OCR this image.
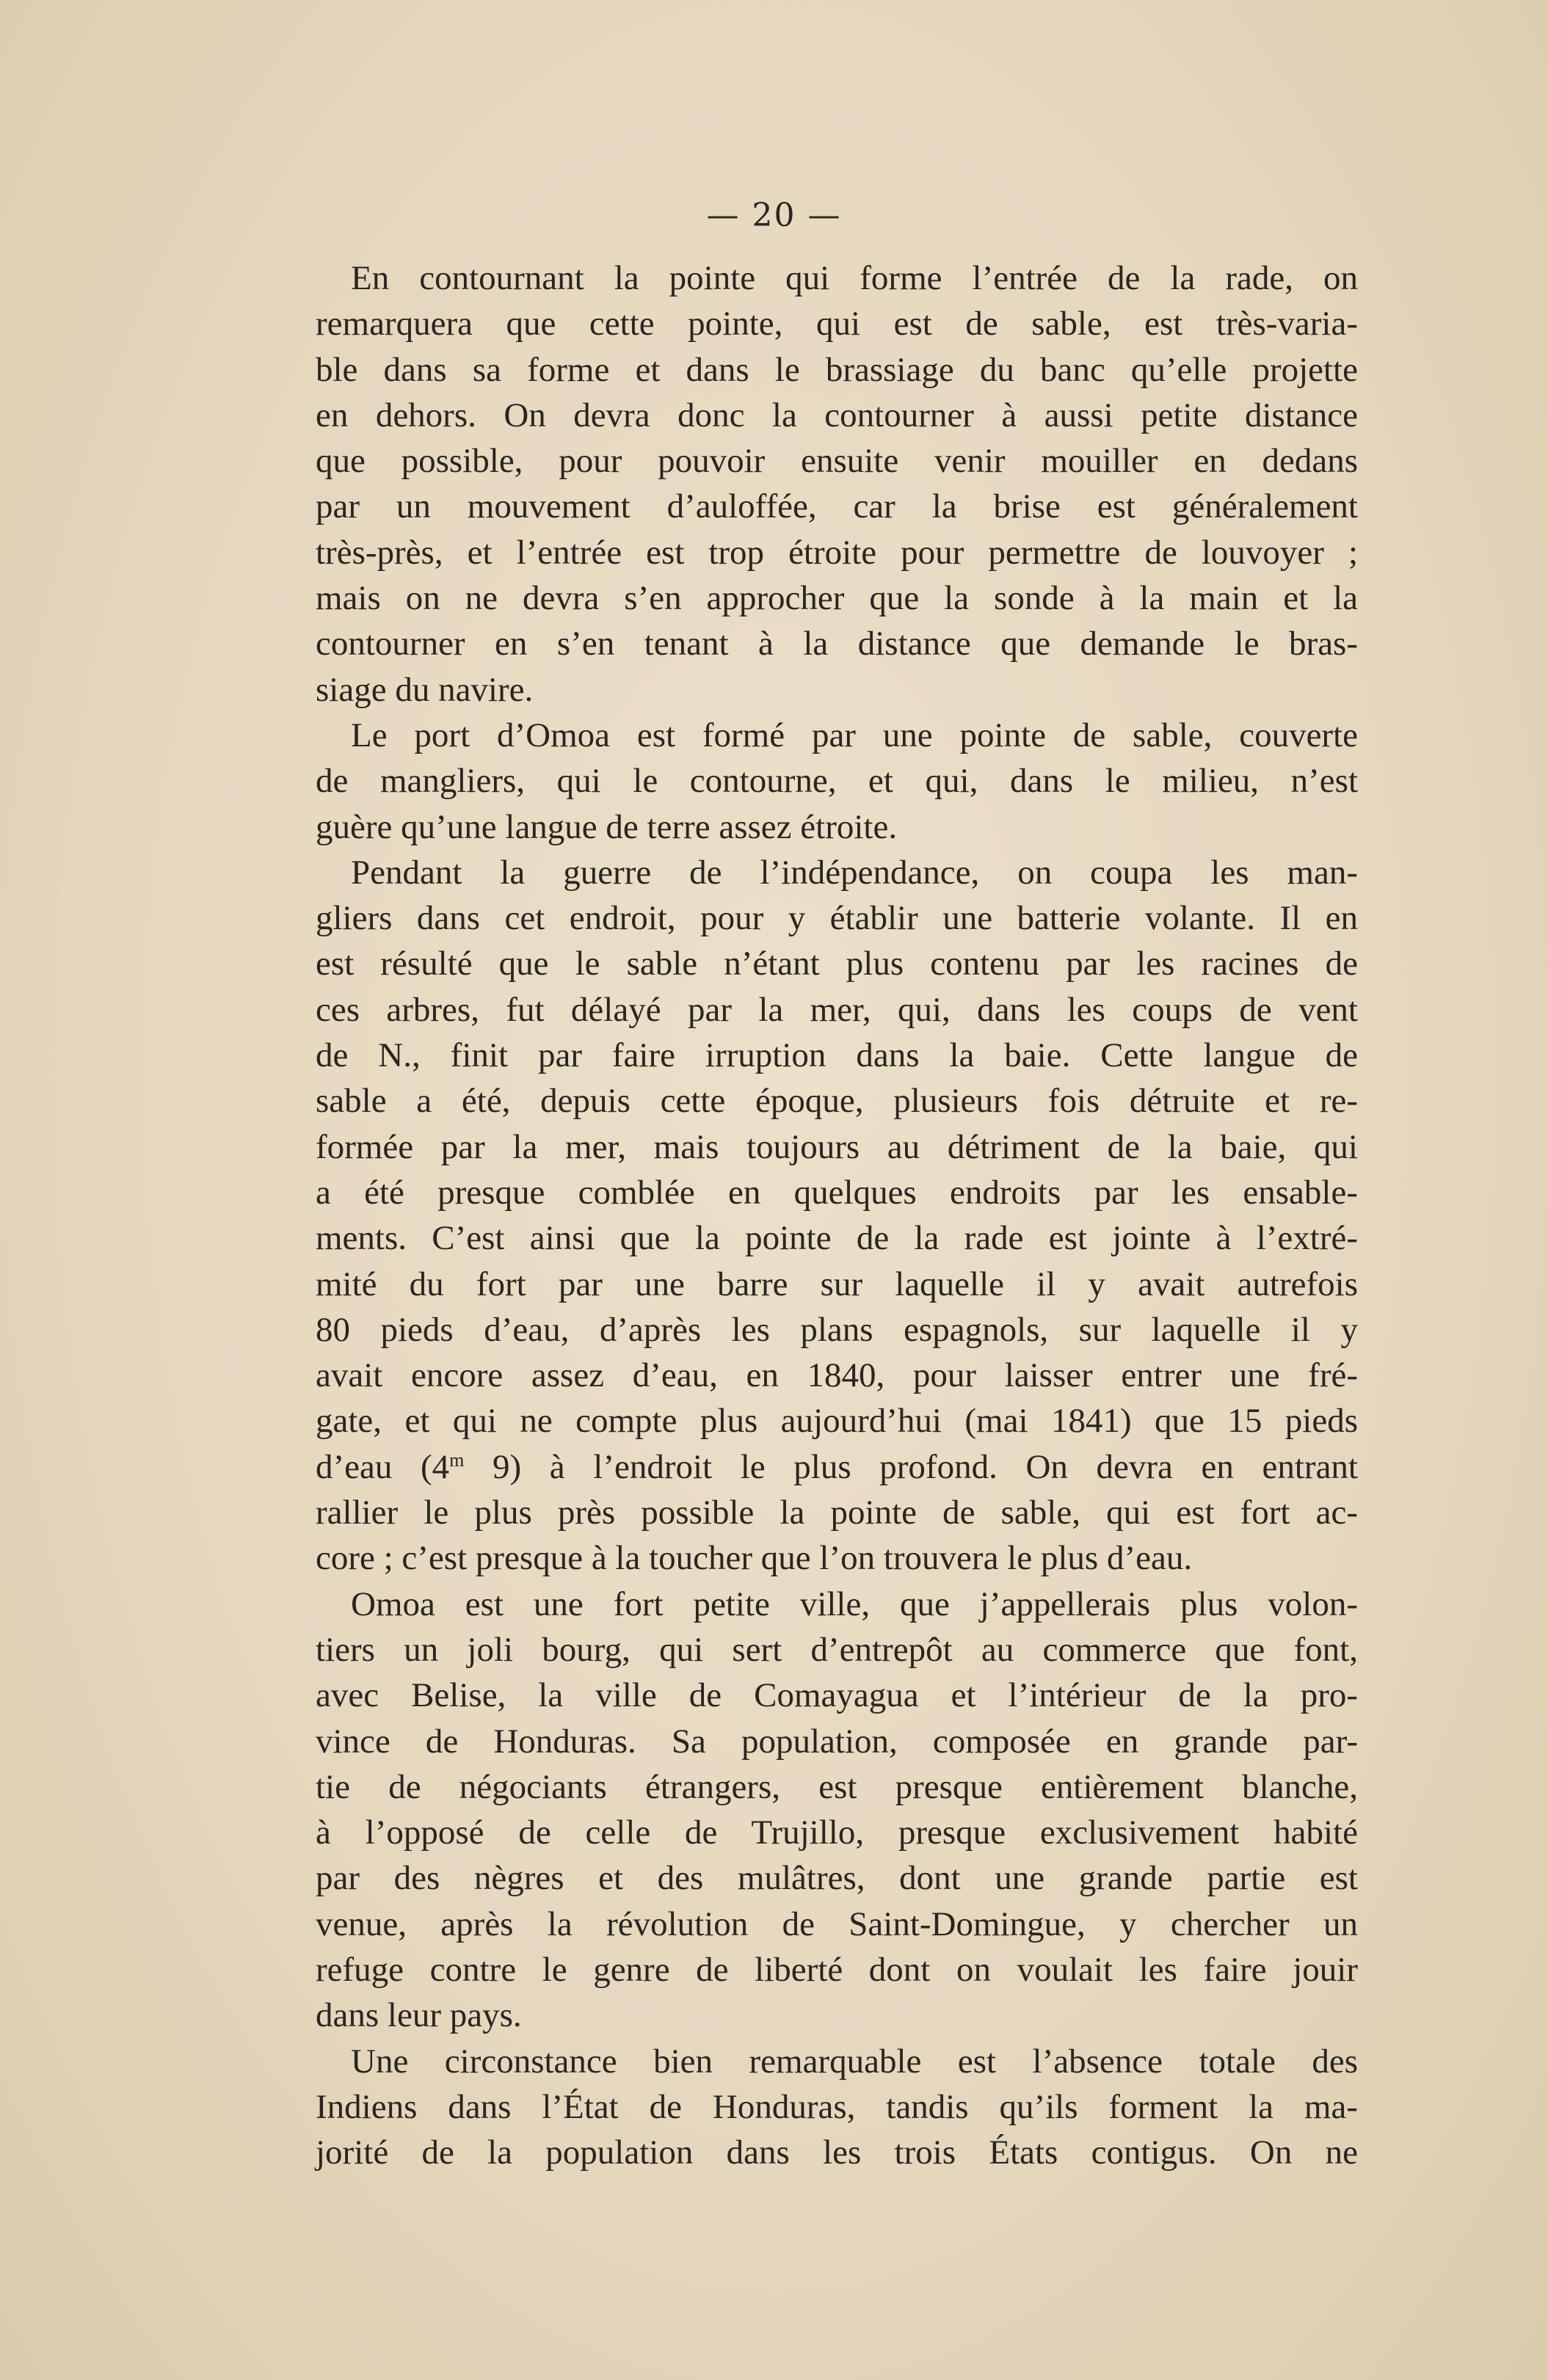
— 20 —
En contournant la pointe qui forme l’entrée de la rade, on
remarquera que cette pointe, qui est de sable, est très-varia-
ble dans sa forme et dans le brassiage du banc qu’elle projette
en dehors. On devra donc la contourner à aussi petite distance
que possible, pour pouvoir ensuite venir mouiller en dedans
par un mouvement d’auloffée, car la brise est généralement
très-près, et l’entrée est trop étroite pour permettre de louvoyer ;
mais on ne devra s’en approcher que la sonde à la main et la
contourner en s’en tenant à la distance que demande le bras-
siage du navire.
Le port d’Omoa est formé par une pointe de sable, couverte
de mangliers, qui le contourne, et qui, dans le milieu, n’est
guère qu’une langue de terre assez étroite.
Pendant la guerre de l’indépendance, on coupa les man-
gliers dans cet endroit, pour y établir une batterie volante. Il en
est résulté que le sable n’étant plus contenu par les racines de
ces arbres, fut délayé par la mer, qui, dans les coups de vent
de N., finit par faire irruption dans la baie. Cette langue de
sable a été, depuis cette époque, plusieurs fois détruite et re-
formée par la mer, mais toujours au détriment de la baie, qui
a été presque comblée en quelques endroits par les ensable-
ments. C’est ainsi que la pointe de la rade est jointe à l’extré-
mité du fort par une barre sur laquelle il y avait autrefois
80 pieds d’eau, d’après les plans espagnols, sur laquelle il y
avait encore assez d’eau, en 1840, pour laisser entrer une fré-
gate, et qui ne compte plus aujourd’hui (mai 1841) que 15 pieds
d’eau (4$^m$ 9) à l’endroit le plus profond. On devra en entrant
rallier le plus près possible la pointe de sable, qui est fort ac-
core ; c’est presque à la toucher que l’on trouvera le plus d’eau.
Omoa est une fort petite ville, que j’appellerais plus volon-
tiers un joli bourg, qui sert d’entrepôt au commerce que font,
avec Belise, la ville de Comayagua et l’intérieur de la pro-
vince de Honduras. Sa population, composée en grande par-
tie de négociants étrangers, est presque entièrement blanche,
à l’opposé de celle de Trujillo, presque exclusivement habité
par des nègres et des mulâtres, dont une grande partie est
venue, après la révolution de Saint-Domingue, y chercher un
refuge contre le genre de liberté dont on voulait les faire jouir
dans leur pays.
Une circonstance bien remarquable est l’absence totale des
Indiens dans l’État de Honduras, tandis qu’ils forment la ma-
jorité de la population dans les trois États contigus. On ne
